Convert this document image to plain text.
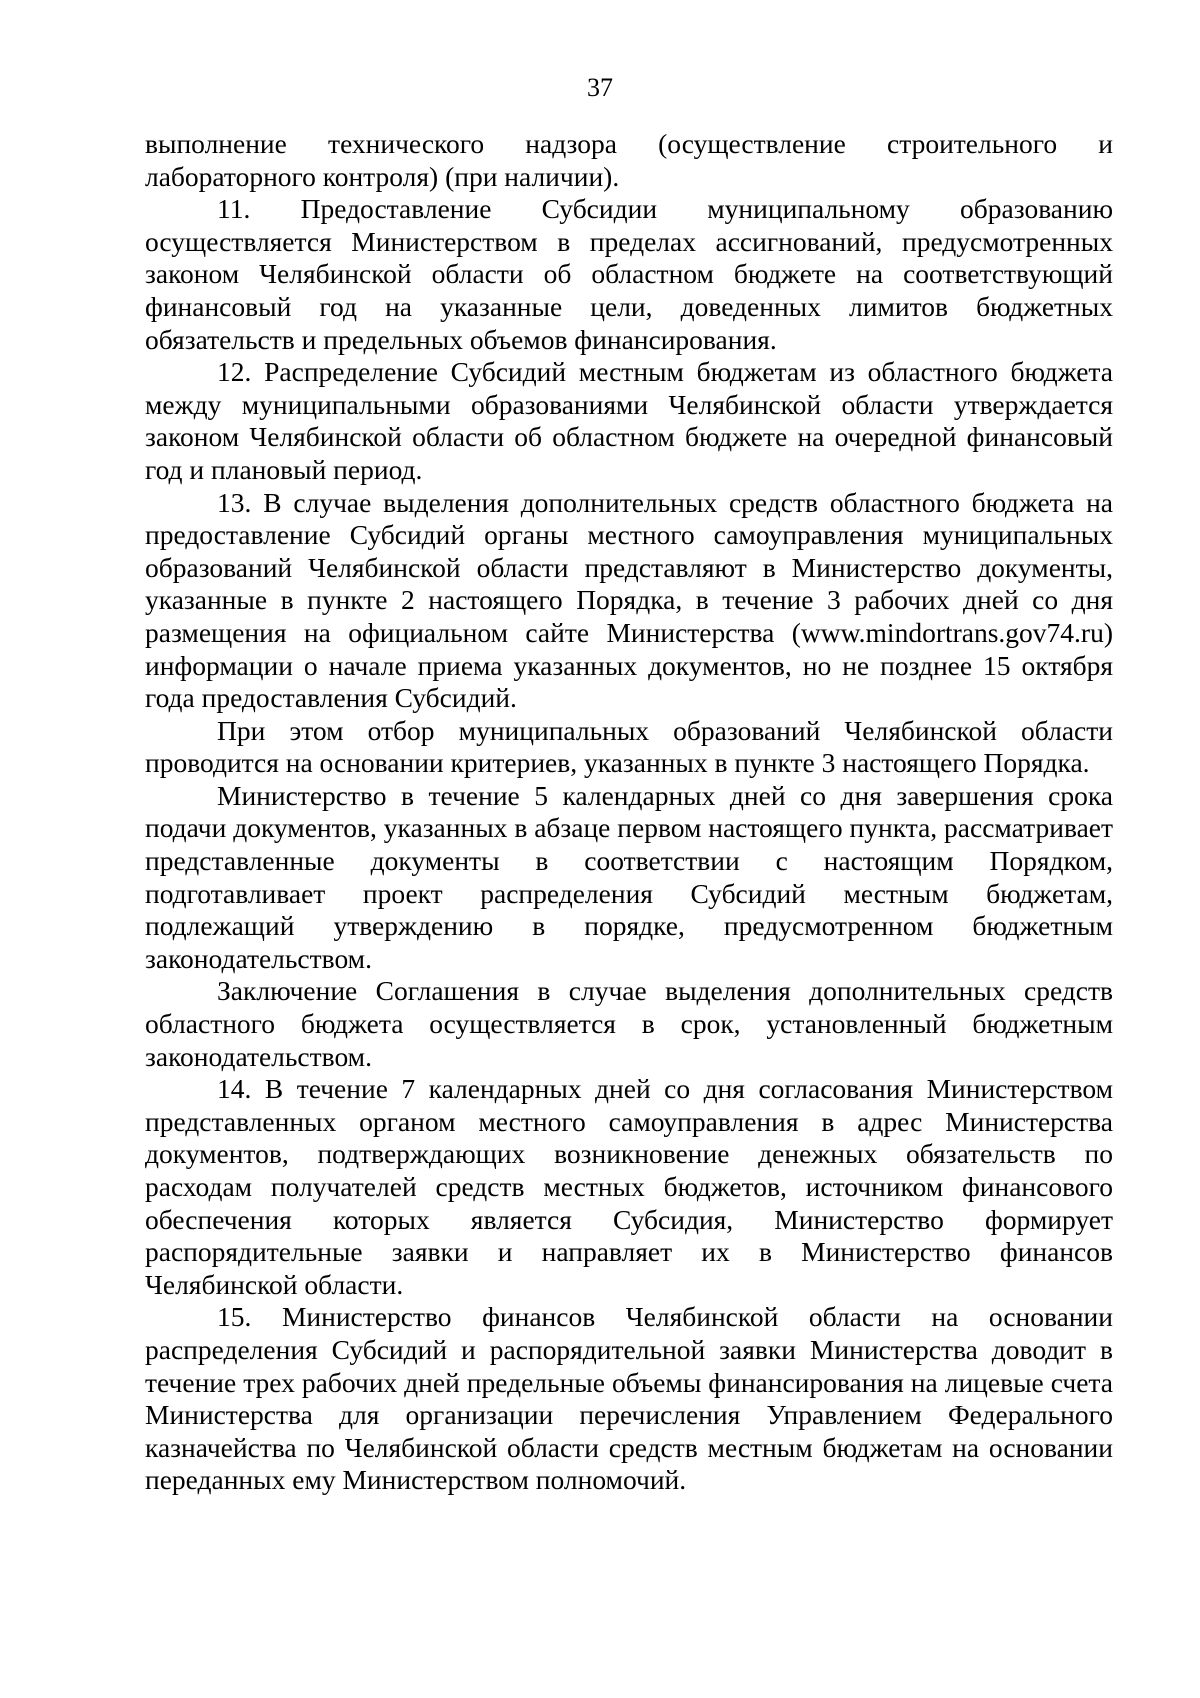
37

выполнение технического надзора (осуществление строительного и лабораторного контроля) (при наличии).

11. Предоставление Субсидии муниципальному образованию осуществляется Министерством в пределах ассигнований, предусмотренных законом Челябинской области об областном бюджете на соответствующий финансовый год на указанные цели, доведенных лимитов бюджетных обязательств и предельных объемов финансирования.

12. Распределение Субсидий местным бюджетам из областного бюджета между муниципальными образованиями Челябинской области утверждается законом Челябинской области об областном бюджете на очередной финансовый год и плановый период.

13. В случае выделения дополнительных средств областного бюджета на предоставление Субсидий органы местного самоуправления муниципальных образований Челябинской области представляют в Министерство документы, указанные в пункте 2 настоящего Порядка, в течение 3 рабочих дней со дня размещения на официальном сайте Министерства (www.mindortrans.gov74.ru) информации о начале приема указанных документов, но не позднее 15 октября года предоставления Субсидий.

При этом отбор муниципальных образований Челябинской области проводится на основании критериев, указанных в пункте 3 настоящего Порядка.

Министерство в течение 5 календарных дней со дня завершения срока подачи документов, указанных в абзаце первом настоящего пункта, рассматривает представленные документы в соответствии с настоящим Порядком, подготавливает проект распределения Субсидий местным бюджетам, подлежащий утверждению в порядке, предусмотренном бюджетным законодательством.

Заключение Соглашения в случае выделения дополнительных средств областного бюджета осуществляется в срок, установленный бюджетным законодательством.

14. В течение 7 календарных дней со дня согласования Министерством представленных органом местного самоуправления в адрес Министерства документов, подтверждающих возникновение денежных обязательств по расходам получателей средств местных бюджетов, источником финансового обеспечения которых является Субсидия, Министерство формирует распорядительные заявки и направляет их в Министерство финансов Челябинской области.

15. Министерство финансов Челябинской области на основании распределения Субсидий и распорядительной заявки Министерства доводит в течение трех рабочих дней предельные объемы финансирования на лицевые счета Министерства для организации перечисления Управлением Федерального казначейства по Челябинской области средств местным бюджетам на основании переданных ему Министерством полномочий.
